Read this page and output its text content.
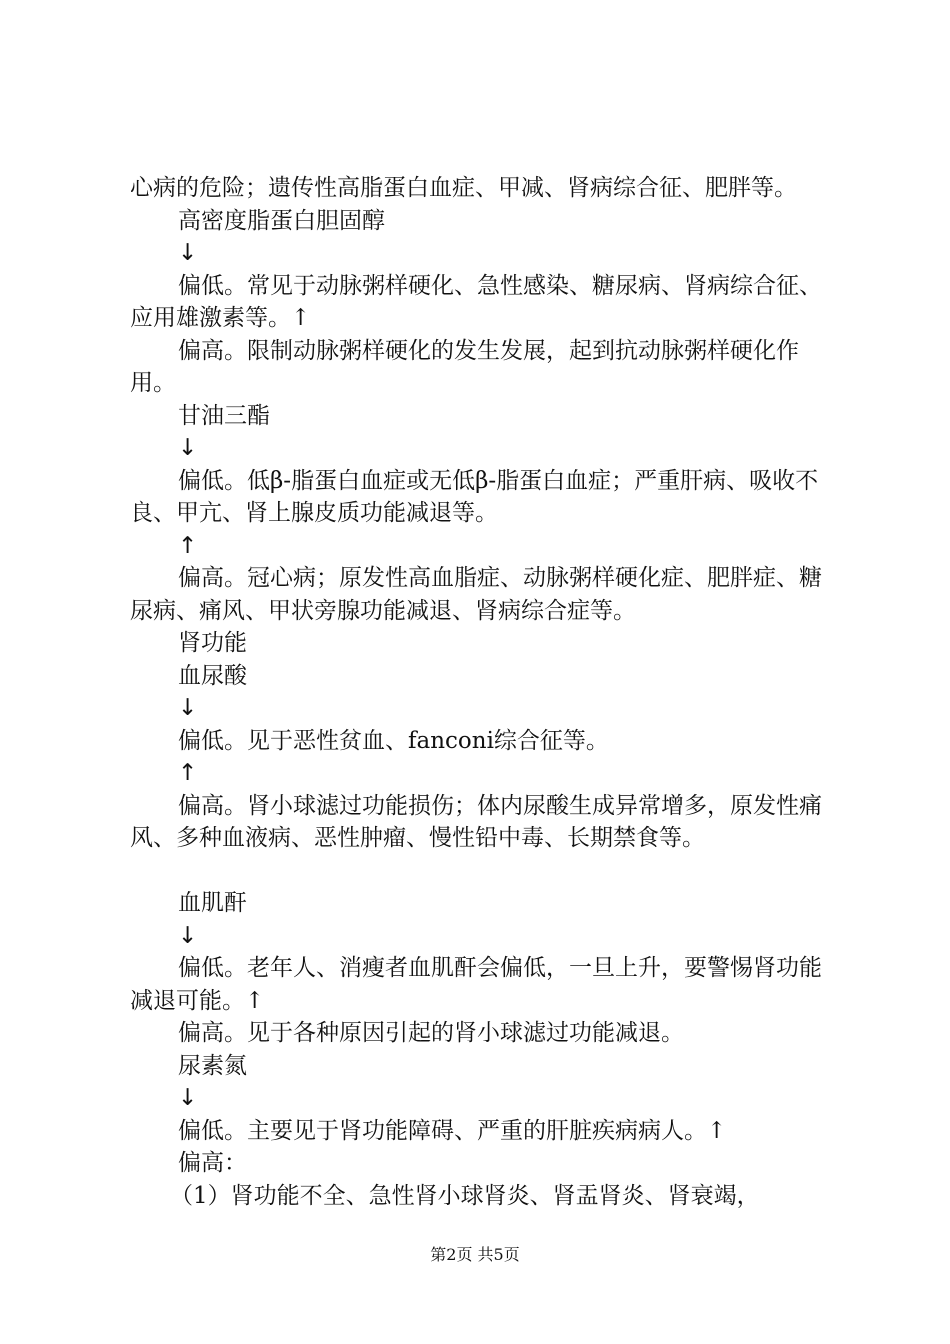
心病的危险；遗传性高脂蛋白血症、甲减、肾病综合征、肥胖等。

高密度脂蛋白胆固醇

↓

偏低。常见于动脉粥样硬化、急性感染、糖尿病、肾病综合征、应用雄激素等。↑

偏高。限制动脉粥样硬化的发生发展，起到抗动脉粥样硬化作用。

甘油三酯

↓

偏低。低β-脂蛋白血症或无低β-脂蛋白血症；严重肝病、吸收不良、甲亢、肾上腺皮质功能减退等。

↑

偏高。冠心病；原发性高血脂症、动脉粥样硬化症、肥胖症、糖尿病、痛风、甲状旁腺功能减退、肾病综合症等。

肾功能

血尿酸

↓

偏低。见于恶性贫血、fanconi综合征等。

↑

偏高。肾小球滤过功能损伤；体内尿酸生成异常增多，原发性痛风、多种血液病、恶性肿瘤、慢性铅中毒、长期禁食等。

血肌酐

↓

偏低。老年人、消瘦者血肌酐会偏低，一旦上升，要警惕肾功能减退可能。↑

偏高。见于各种原因引起的肾小球滤过功能减退。

尿素氮

↓

偏低。主要见于肾功能障碍、严重的肝脏疾病病人。↑

偏高：

（1）肾功能不全、急性肾小球肾炎、肾盂肾炎、肾衰竭，

第2页 共5页
